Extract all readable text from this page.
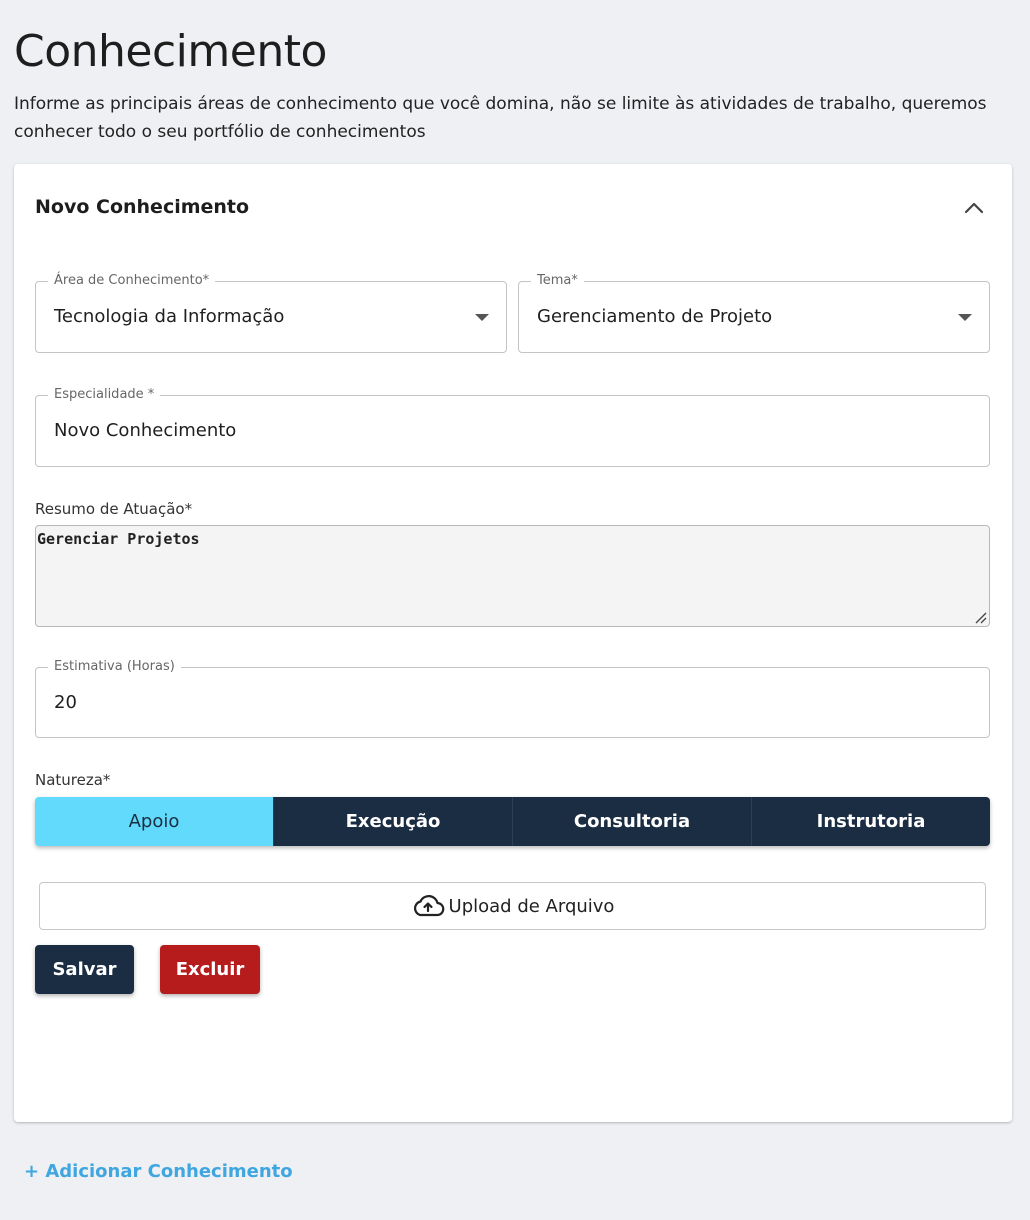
Conhecimento

Informe as principais áreas de conhecimento que você domina, não se limite às atividades de trabalho, queremos conhecer todo o seu portfólio de conhecimentos

Novo Conhecimento
Área de Conhecimento*
Tecnologia da Informação
Tema*
Gerenciamento de Projeto
Especialidade *
Novo Conhecimento
Resumo de Atuação*
Gerenciar Projetos
Estimativa (Horas)
20
Natureza*
Apoio	Execução	Consultoria	Instrutoria
Upload de Arquivo
Salvar	Excluir
+ Adicionar Conhecimento
